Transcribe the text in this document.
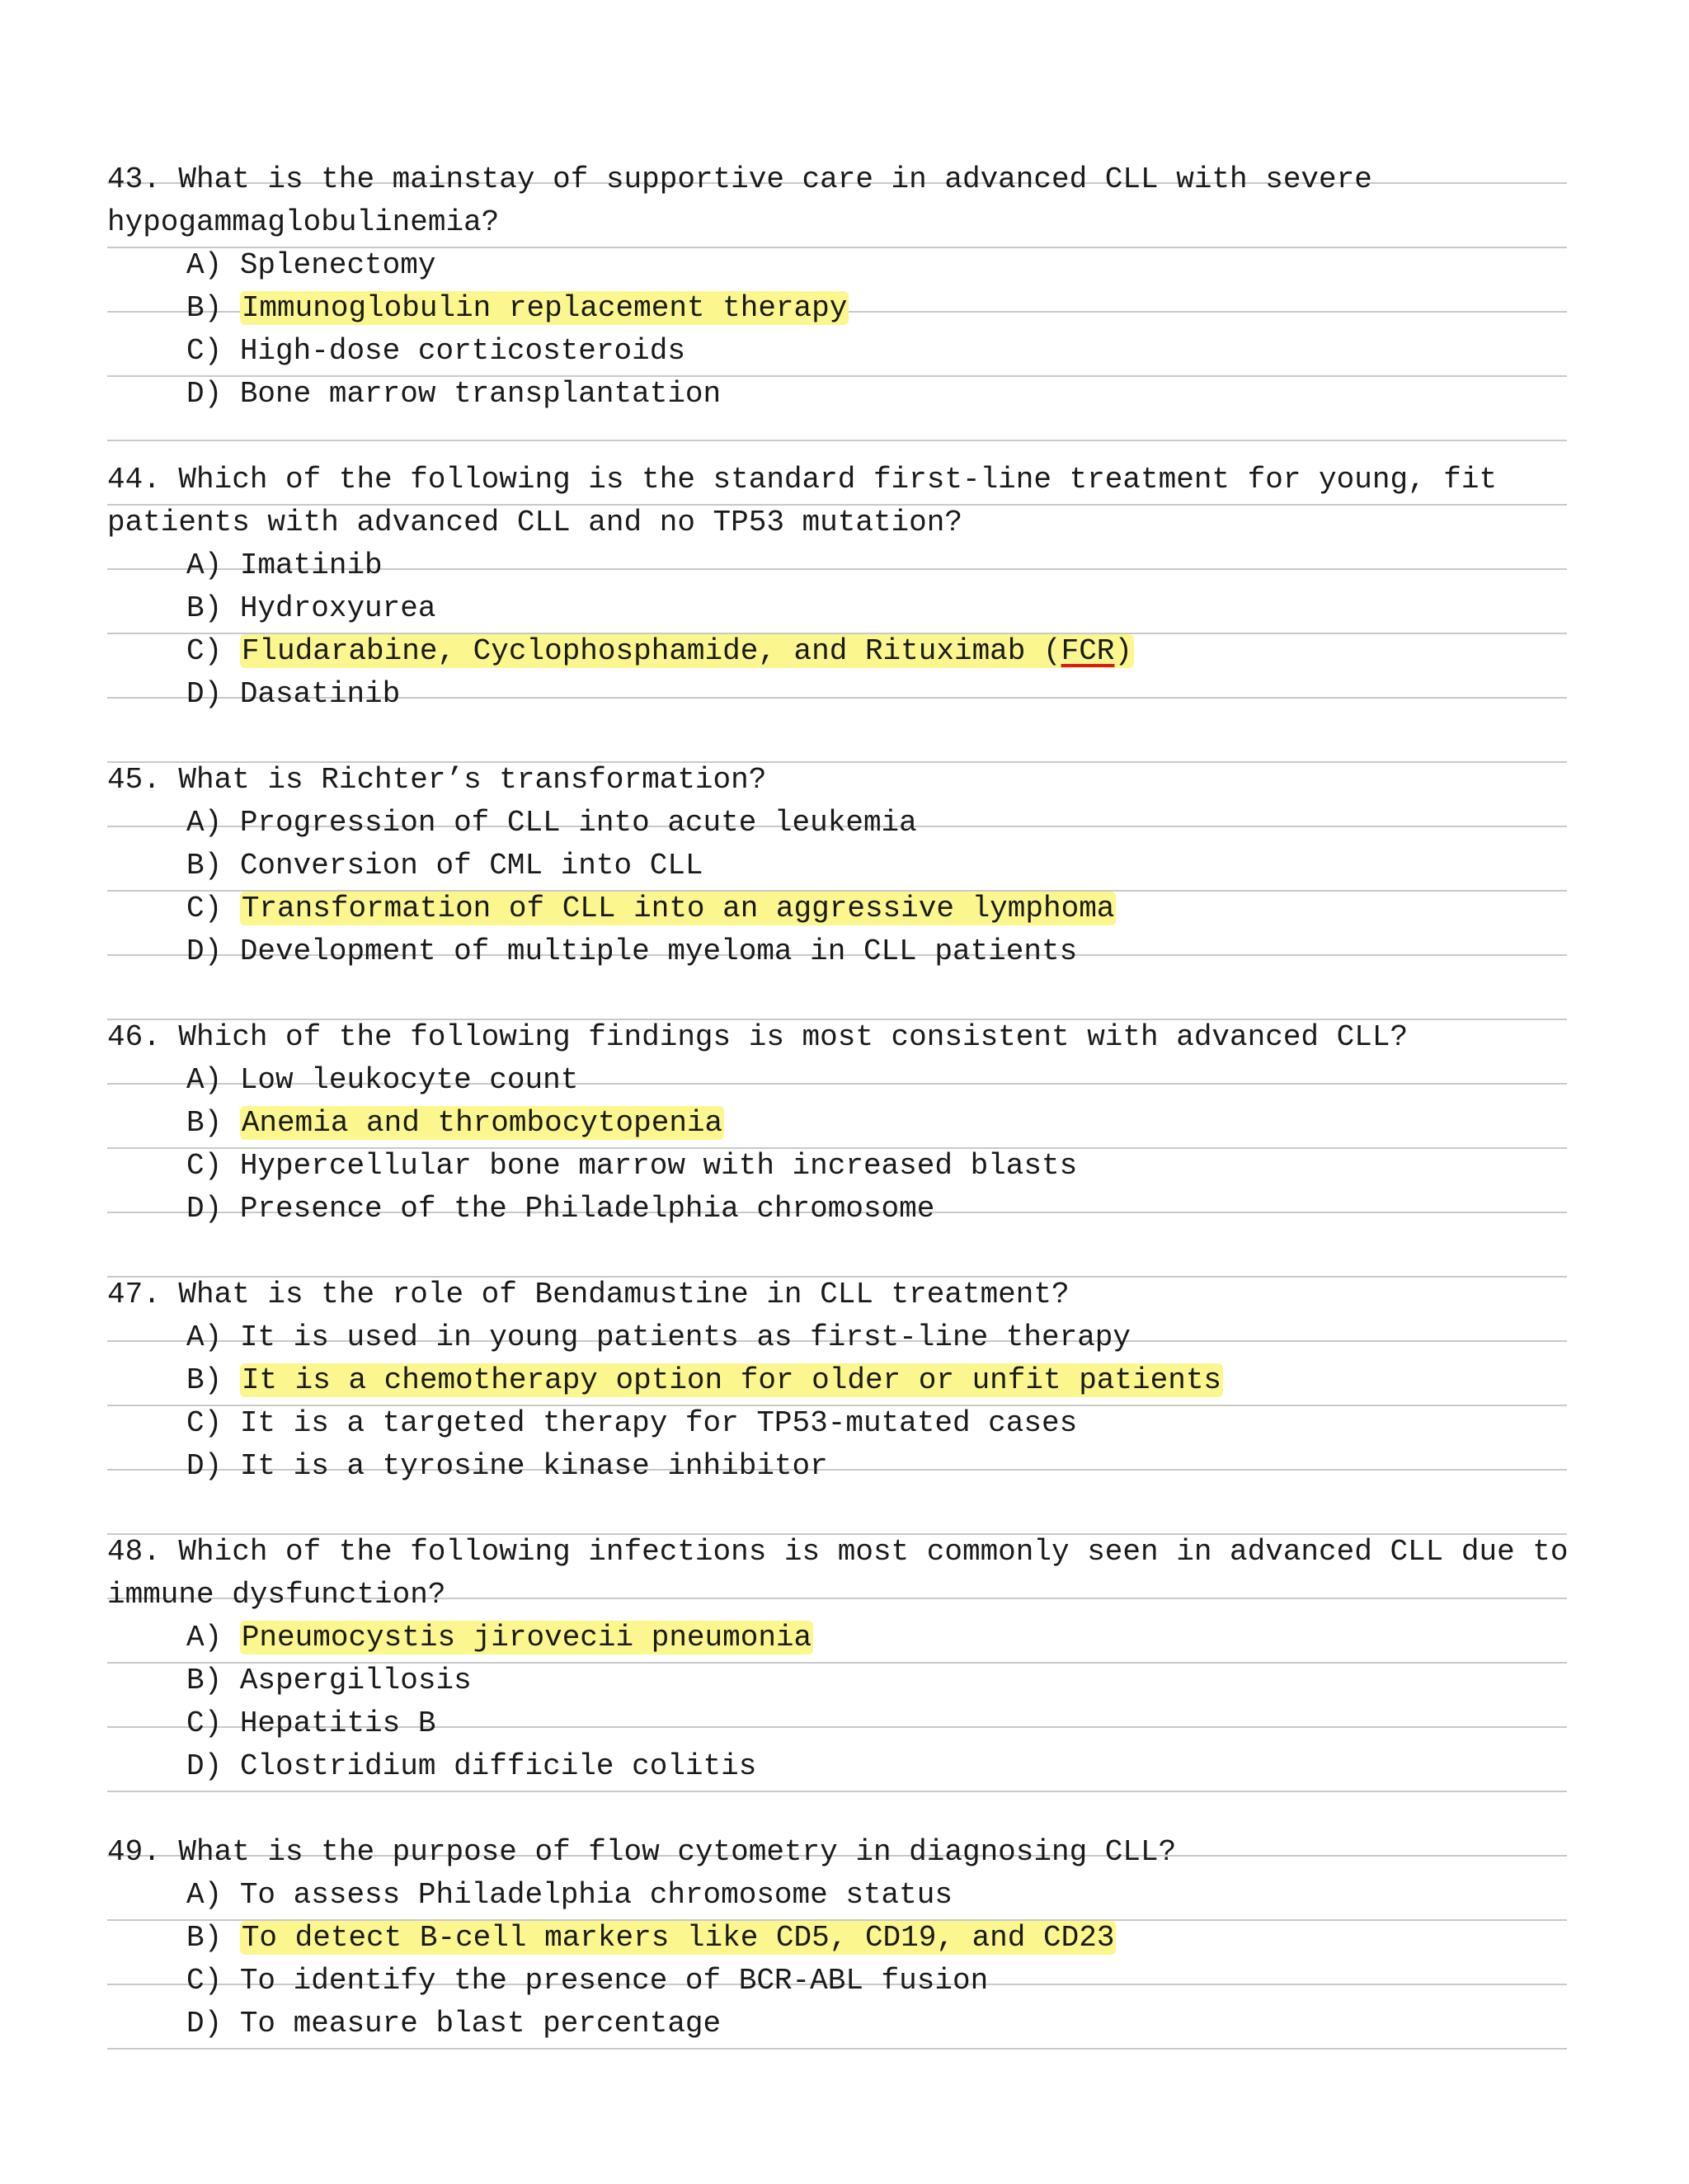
43. What is the mainstay of supportive care in advanced CLL with severe hypogammaglobulinemia?
A) Splenectomy
B) Immunoglobulin replacement therapy
C) High-dose corticosteroids
D) Bone marrow transplantation
44. Which of the following is the standard first-line treatment for young, fit patients with advanced CLL and no TP53 mutation?
A) Imatinib
B) Hydroxyurea
C) Fludarabine, Cyclophosphamide, and Rituximab (FCR)
D) Dasatinib
45. What is Richter’s transformation?
A) Progression of CLL into acute leukemia
B) Conversion of CML into CLL
C) Transformation of CLL into an aggressive lymphoma
D) Development of multiple myeloma in CLL patients
46. Which of the following findings is most consistent with advanced CLL?
A) Low leukocyte count
B) Anemia and thrombocytopenia
C) Hypercellular bone marrow with increased blasts
D) Presence of the Philadelphia chromosome
47. What is the role of Bendamustine in CLL treatment?
A) It is used in young patients as first-line therapy
B) It is a chemotherapy option for older or unfit patients
C) It is a targeted therapy for TP53-mutated cases
D) It is a tyrosine kinase inhibitor
48. Which of the following infections is most commonly seen in advanced CLL due to immune dysfunction?
A) Pneumocystis jirovecii pneumonia
B) Aspergillosis
C) Hepatitis B
D) Clostridium difficile colitis
49. What is the purpose of flow cytometry in diagnosing CLL?
A) To assess Philadelphia chromosome status
B) To detect B-cell markers like CD5, CD19, and CD23
C) To identify the presence of BCR-ABL fusion
D) To measure blast percentage
